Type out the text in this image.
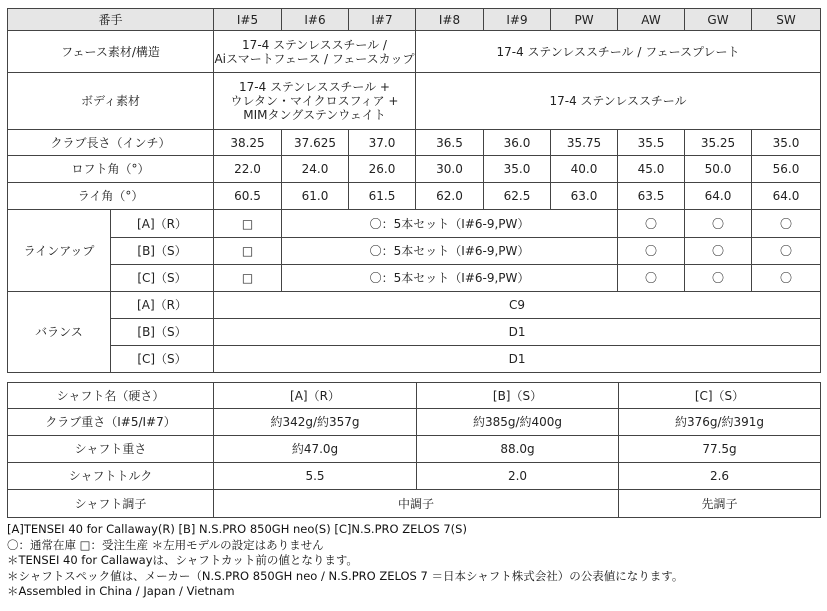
番手		I#5	I#6	I#7	I#8	I#9	PW	AW	GW	SW
フェース素材/構造		17-4 ステンレススチール /
Aiスマートフェース / フェースカップ			17-4 ステンレススチール / フェースプレート					
ボディ素材		17-4 ステンレススチール +
ウレタン・マイクロスフィア +
MIMタングステンウェイト			17-4 ステンレススチール					
クラブ長さ（インチ）		38.25	37.625	37.0	36.5	36.0	35.75	35.5	35.25	35.0
ロフト角（°）		22.0	24.0	26.0	30.0	35.0	40.0	45.0	50.0	56.0
ライ角（°）		60.5	61.0	61.5	62.0	62.5	63.0	63.5	64.0	64.0
ラインアップ	[A]（R）	□	〇：5本セット（I#6-9,PW）					〇	〇	〇
	[B]（S）	□	〇：5本セット（I#6-9,PW）					〇	〇	〇
	[C]（S）	□	〇：5本セット（I#6-9,PW）					〇	〇	〇
バランス	[A]（R）	C9								
	[B]（S）	D1								
	[C]（S）	D1								
シャフト名（硬さ）	[A]（R）	[B]（S）	[C]（S）
クラブ重さ（I#5/I#7）	約342g/約357g	約385g/約400g	約376g/約391g
シャフト重さ	約47.0g	88.0g	77.5g
シャフトトルク	5.5	2.0	2.6
シャフト調子	中調子		先調子
[A]TENSEI 40 for Callaway(R) [B] N.S.PRO 850GH neo(S) [C]N.S.PRO ZELOS 7(S)
〇：通常在庫 □：受注生産 ＊左用モデルの設定はありません
＊TENSEI 40 for Callawayは、シャフトカット前の値となります。
＊シャフトスペック値は、メーカー（N.S.PRO 850GH neo / N.S.PRO ZELOS 7 ＝日本シャフト株式会社）の公表値になります。
＊Assembled in China / Japan / Vietnam
